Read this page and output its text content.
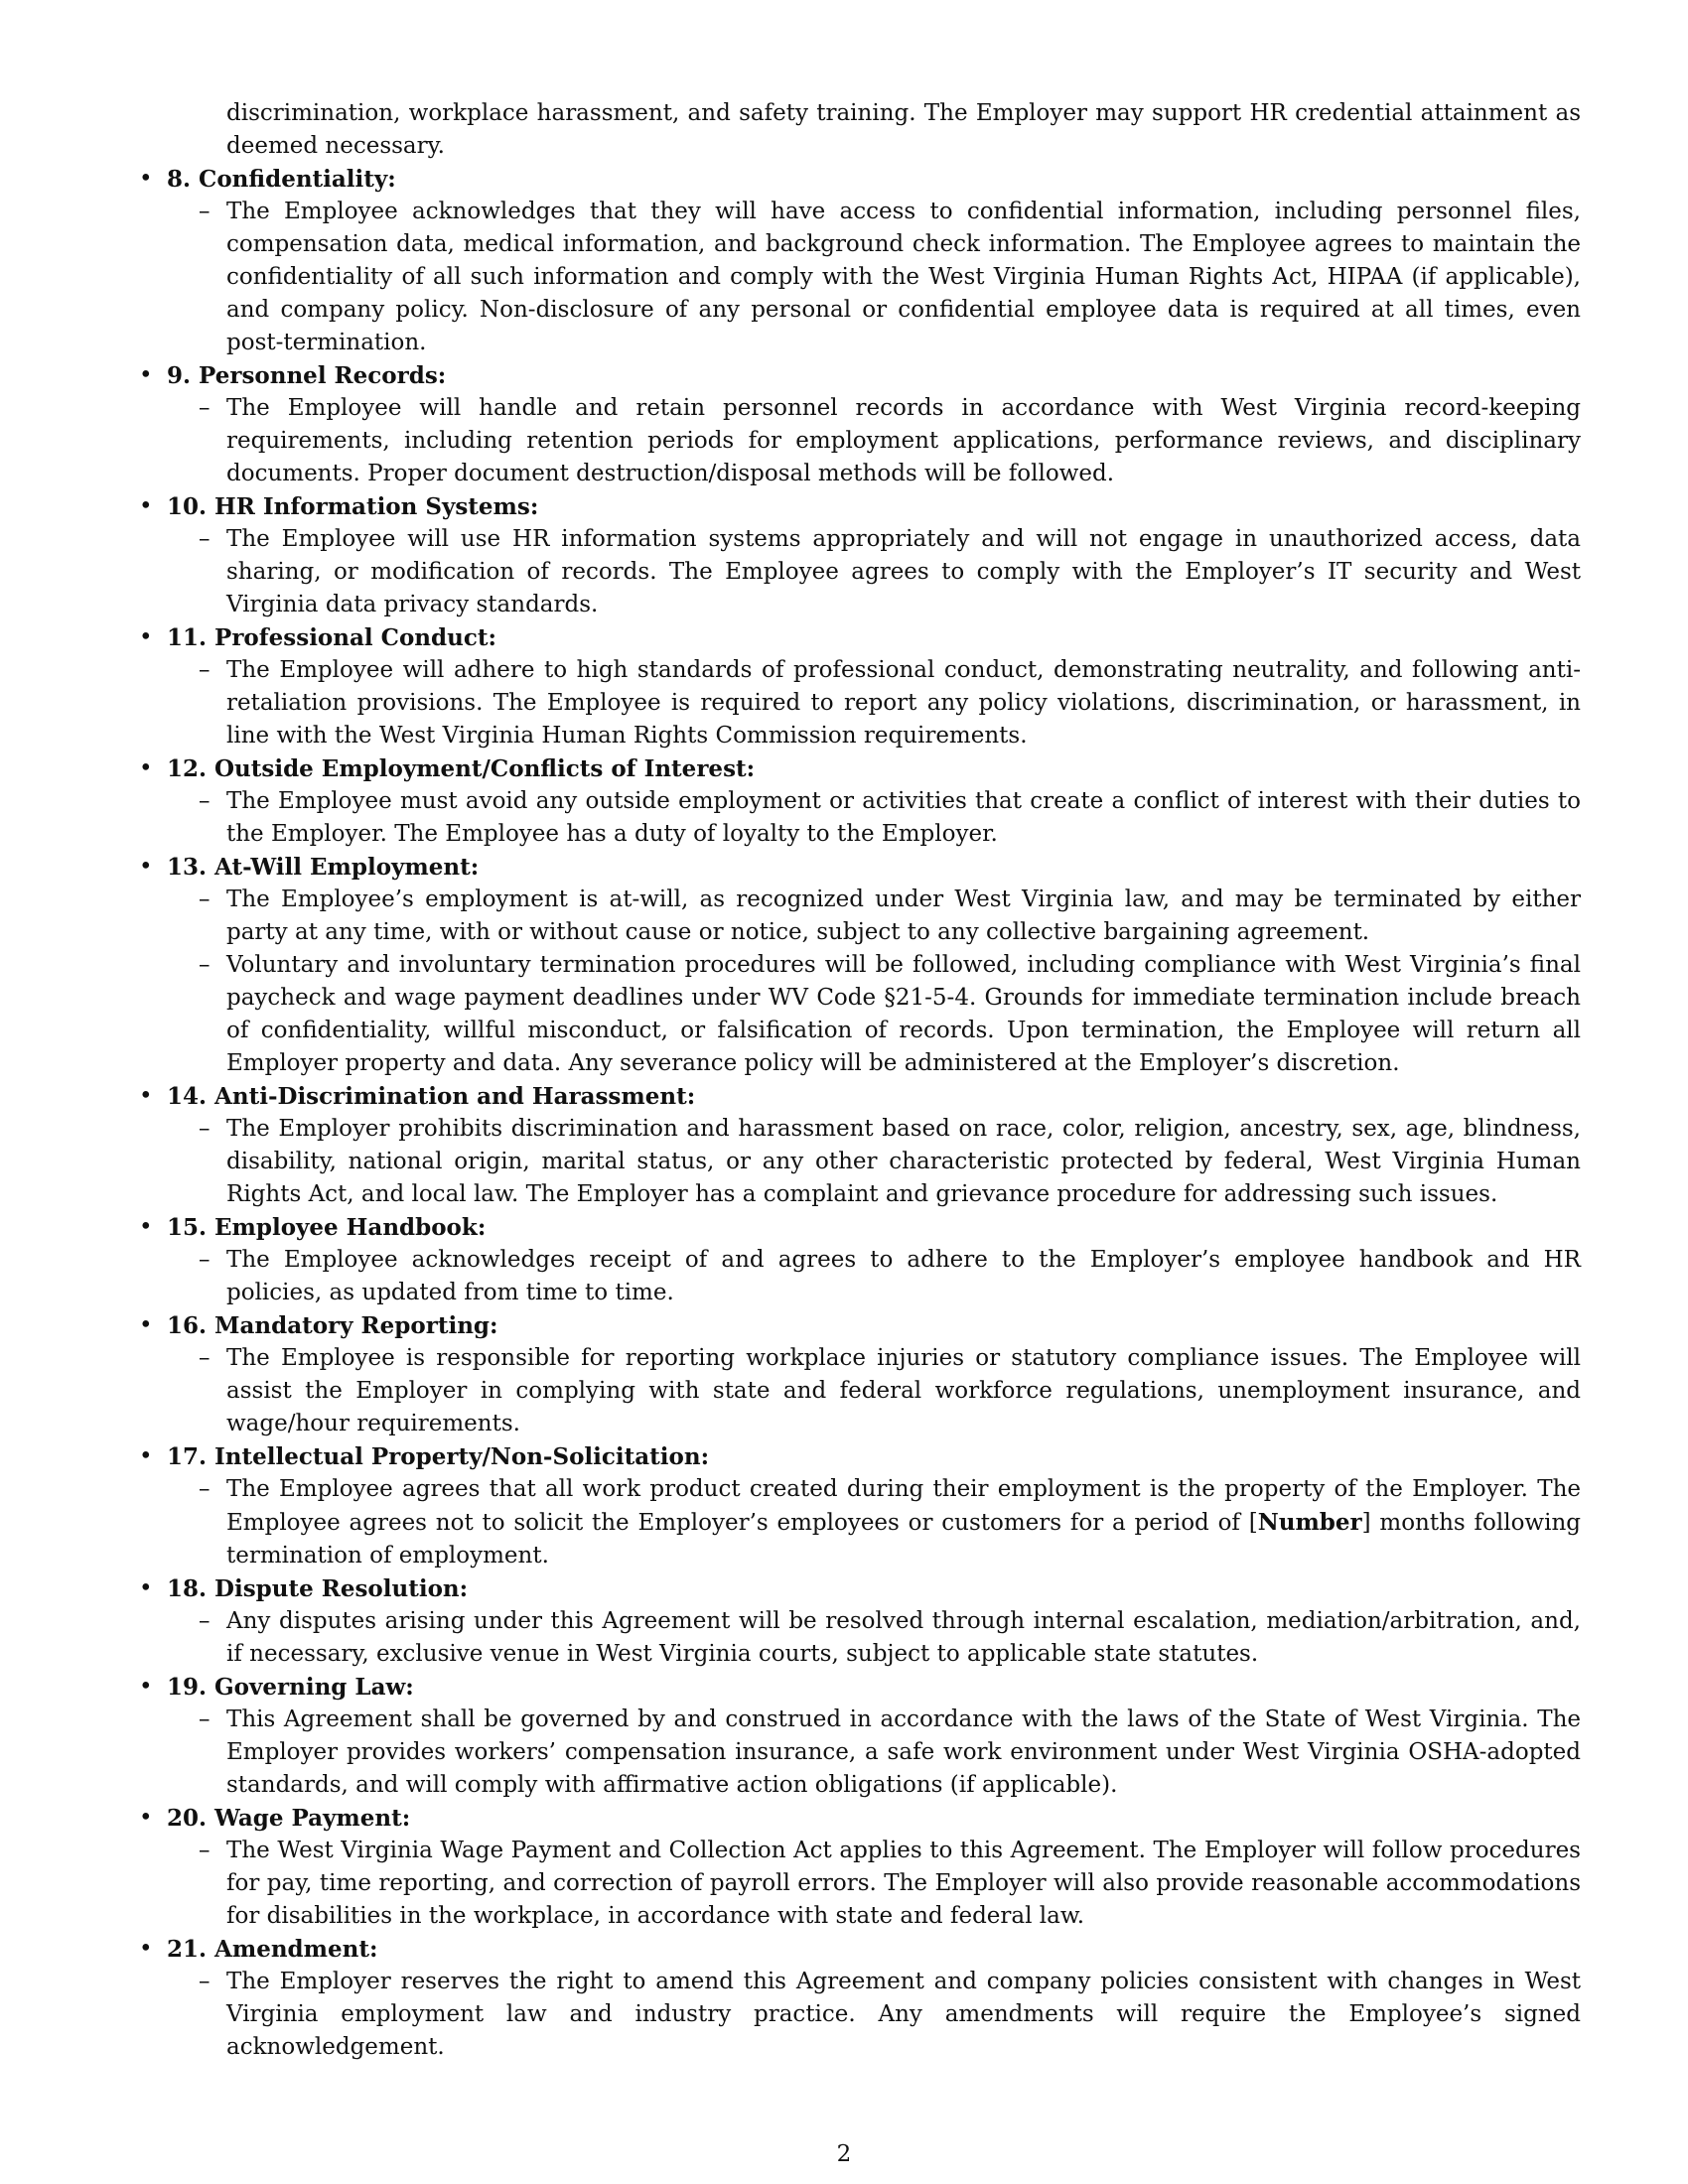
discrimination, workplace harassment, and safety training. The Employer may support HR credential attainment as deemed necessary.

• 8. Confidentiality:
– The Employee acknowledges that they will have access to confidential information, including personnel files, compensation data, medical information, and background check information. The Employee agrees to maintain the confidentiality of all such information and comply with the West Virginia Human Rights Act, HIPAA (if applicable), and company policy. Non-disclosure of any personal or confidential employee data is required at all times, even post-termination.

• 9. Personnel Records:
– The Employee will handle and retain personnel records in accordance with West Virginia record-keeping requirements, including retention periods for employment applications, performance reviews, and disciplinary documents. Proper document destruction/disposal methods will be followed.

• 10. HR Information Systems:
– The Employee will use HR information systems appropriately and will not engage in unauthorized access, data sharing, or modification of records. The Employee agrees to comply with the Employer’s IT security and West Virginia data privacy standards.

• 11. Professional Conduct:
– The Employee will adhere to high standards of professional conduct, demonstrating neutrality, and following anti-retaliation provisions. The Employee is required to report any policy violations, discrimination, or harassment, in line with the West Virginia Human Rights Commission requirements.

• 12. Outside Employment/Conflicts of Interest:
– The Employee must avoid any outside employment or activities that create a conflict of interest with their duties to the Employer. The Employee has a duty of loyalty to the Employer.

• 13. At-Will Employment:
– The Employee’s employment is at-will, as recognized under West Virginia law, and may be terminated by either party at any time, with or without cause or notice, subject to any collective bargaining agreement.

– Voluntary and involuntary termination procedures will be followed, including compliance with West Virginia’s final paycheck and wage payment deadlines under WV Code §21-5-4. Grounds for immediate termination include breach of confidentiality, willful misconduct, or falsification of records. Upon termination, the Employee will return all Employer property and data. Any severance policy will be administered at the Employer’s discretion.

• 14. Anti-Discrimination and Harassment:
– The Employer prohibits discrimination and harassment based on race, color, religion, ancestry, sex, age, blindness, disability, national origin, marital status, or any other characteristic protected by federal, West Virginia Human Rights Act, and local law. The Employer has a complaint and grievance procedure for addressing such issues.

• 15. Employee Handbook:
– The Employee acknowledges receipt of and agrees to adhere to the Employer’s employee handbook and HR policies, as updated from time to time.

• 16. Mandatory Reporting:
– The Employee is responsible for reporting workplace injuries or statutory compliance issues. The Employee will assist the Employer in complying with state and federal workforce regulations, unemployment insurance, and wage/hour requirements.

• 17. Intellectual Property/Non-Solicitation:
– The Employee agrees that all work product created during their employment is the property of the Employer. The Employee agrees not to solicit the Employer’s employees or customers for a period of [Number] months following termination of employment.

• 18. Dispute Resolution:
– Any disputes arising under this Agreement will be resolved through internal escalation, mediation/arbitration, and, if necessary, exclusive venue in West Virginia courts, subject to applicable state statutes.

• 19. Governing Law:
– This Agreement shall be governed by and construed in accordance with the laws of the State of West Virginia. The Employer provides workers’ compensation insurance, a safe work environment under West Virginia OSHA-adopted standards, and will comply with affirmative action obligations (if applicable).

• 20. Wage Payment:
– The West Virginia Wage Payment and Collection Act applies to this Agreement. The Employer will follow procedures for pay, time reporting, and correction of payroll errors. The Employer will also provide reasonable accommodations for disabilities in the workplace, in accordance with state and federal law.

• 21. Amendment:
– The Employer reserves the right to amend this Agreement and company policies consistent with changes in West Virginia employment law and industry practice. Any amendments will require the Employee’s signed acknowledgement.

2
